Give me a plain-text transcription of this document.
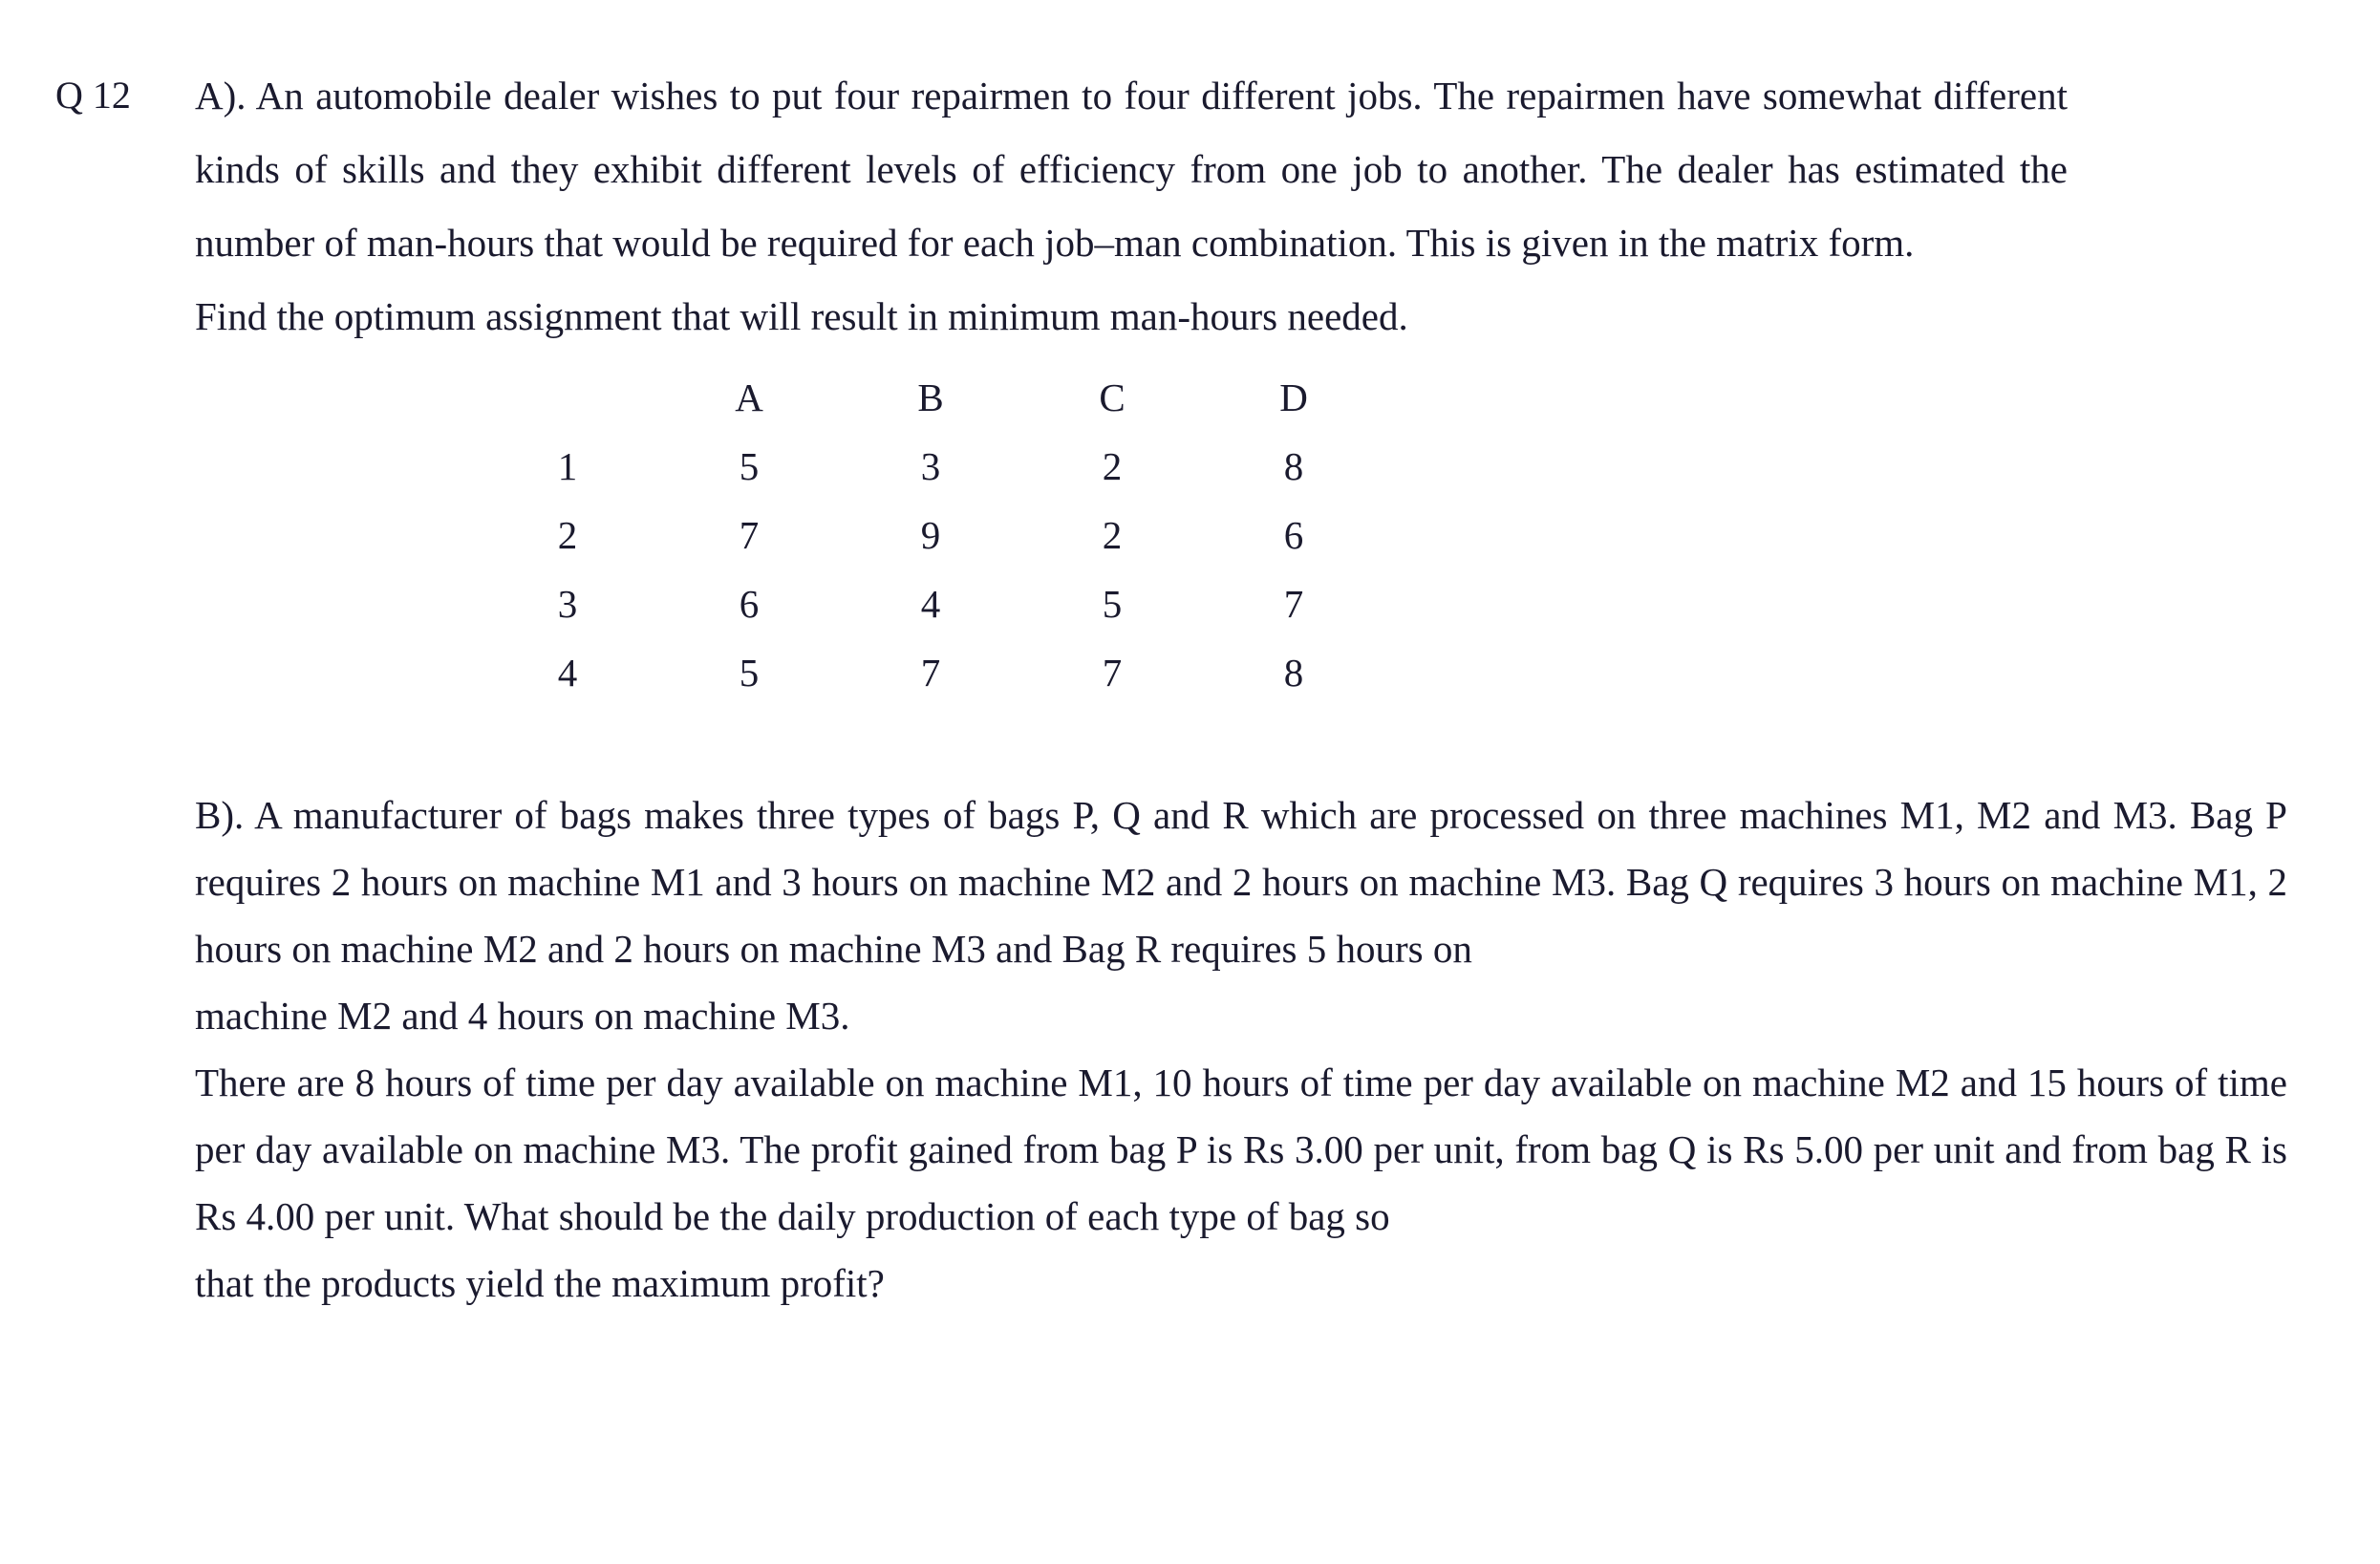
Q 12	A). An automobile dealer wishes to put four repairmen to four different jobs. The repairmen have somewhat different kinds of skills and they exhibit different levels of efficiency from one job to another. The dealer has estimated the number of man-hours that would be required for each job–man combination. This is given in the matrix form.
Find the optimum assignment that will result in minimum man-hours needed.

	A	B	C	D
1	5	3	2	8
2	7	9	2	6
3	6	4	5	7
4	5	7	7	8

B). A manufacturer of bags makes three types of bags P, Q and R which are processed on three machines M1, M2 and M3. Bag P requires 2 hours on machine M1 and 3 hours on machine M2 and 2 hours on machine M3. Bag Q requires 3 hours on machine M1, 2 hours on machine M2 and 2 hours on machine M3 and Bag R requires 5 hours on
machine M2 and 4 hours on machine M3.

There are 8 hours of time per day available on machine M1, 10 hours of time per day available on machine M2 and 15 hours of time per day available on machine M3. The profit gained from bag P is Rs 3.00 per unit, from bag Q is Rs 5.00 per unit and from bag R is Rs 4.00 per unit. What should be the daily production of each type of bag so
that the products yield the maximum profit?
